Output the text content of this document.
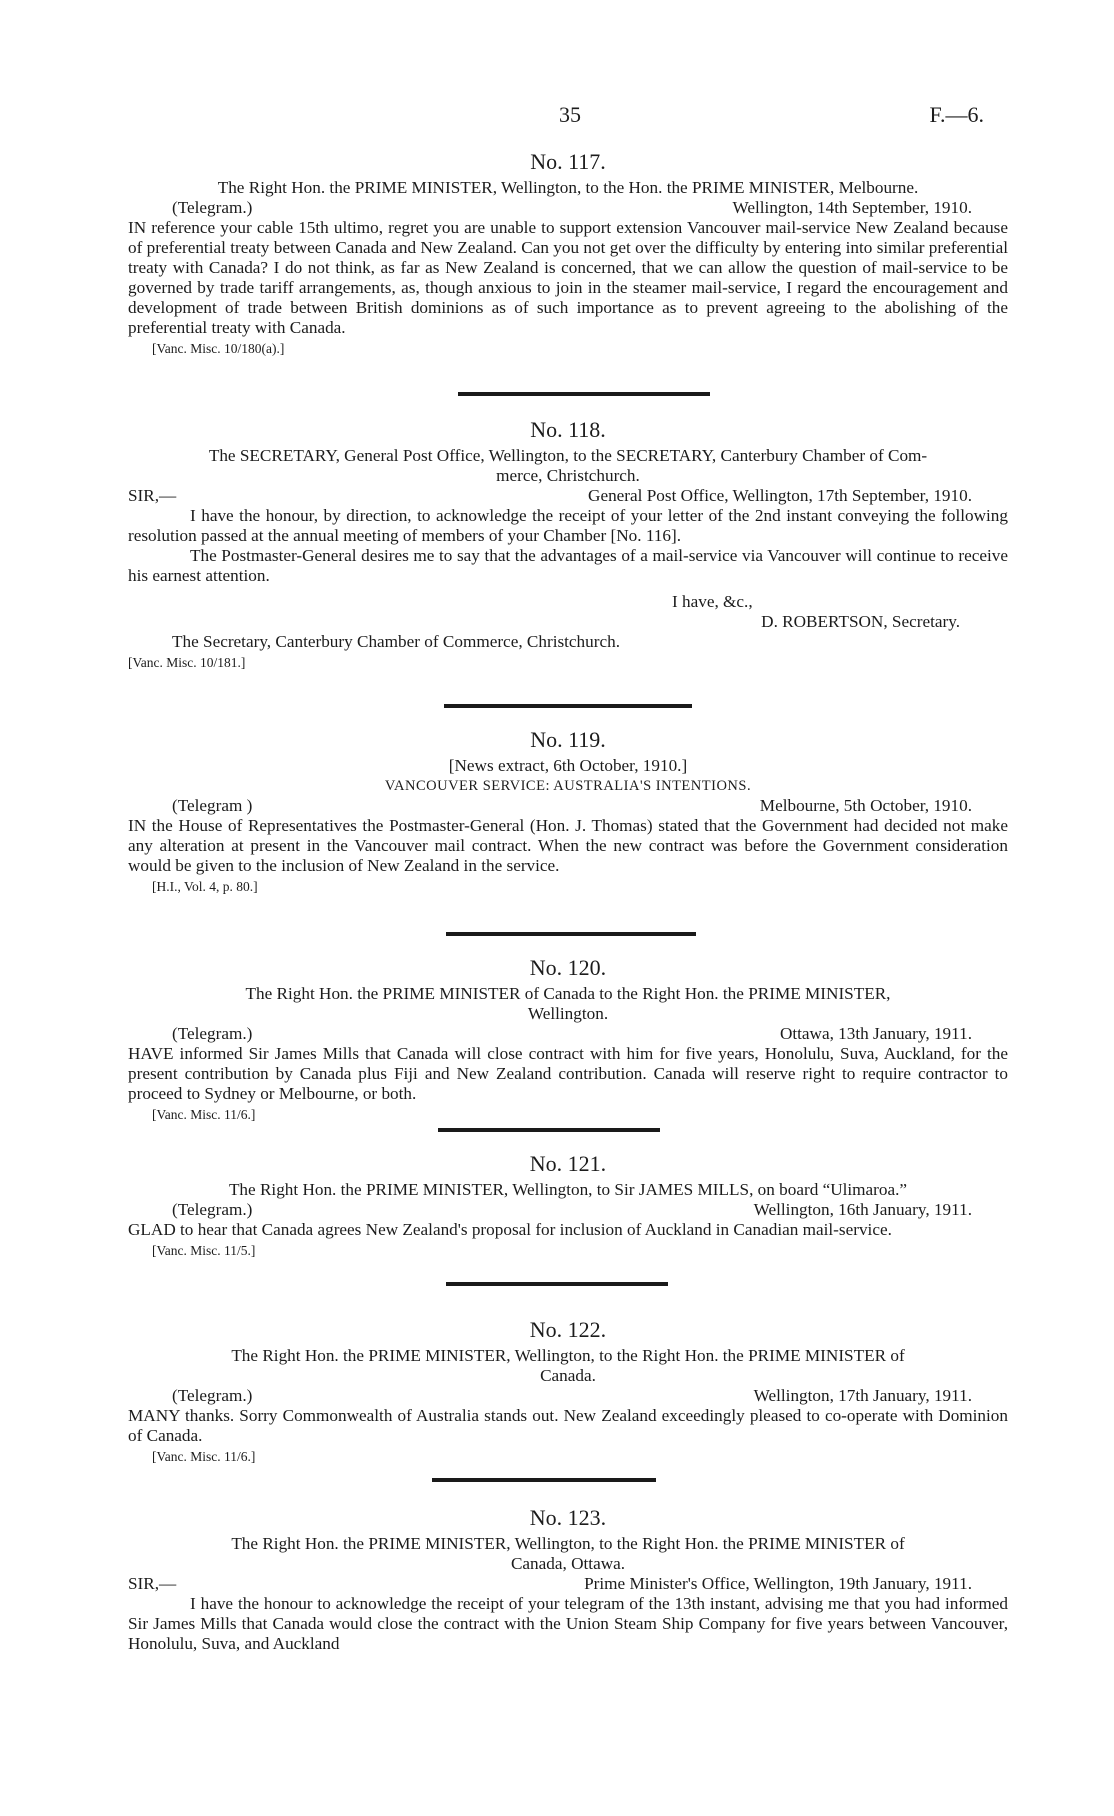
35	F.—6.
No. 117.
The Right Hon. the PRIME MINISTER, Wellington, to the Hon. the PRIME MINISTER, Melbourne.
(Telegram.)	Wellington, 14th September, 1910.

IN reference your cable 15th ultimo, regret you are unable to support extension Vancouver mail-service New Zealand because of preferential treaty between Canada and New Zealand. Can you not get over the difficulty by entering into similar preferential treaty with Canada? I do not think, as far as New Zealand is concerned, that we can allow the question of mail-service to be governed by trade tariff arrangements, as, though anxious to join in the steamer mail-service, I regard the encouragement and development of trade between British dominions as of such importance as to prevent agreeing to the abolishing of the preferential treaty with Canada.

[Vanc. Misc. 10/180(a).]
No. 118.
The SECRETARY, General Post Office, Wellington, to the SECRETARY, Canterbury Chamber of Com-
merce, Christchurch.
SIR,—	General Post Office, Wellington, 17th September, 1910.

I have the honour, by direction, to acknowledge the receipt of your letter of the 2nd instant conveying the following resolution passed at the annual meeting of members of your Chamber [No. 116].

The Postmaster-General desires me to say that the advantages of a mail-service via Vancouver will continue to receive his earnest attention.

I have, &c.,
D. ROBERTSON, Secretary.
The Secretary, Canterbury Chamber of Commerce, Christchurch.
[Vanc. Misc. 10/181.]
No. 119.
[News extract, 6th October, 1910.]
VANCOUVER SERVICE: AUSTRALIA'S INTENTIONS.
(Telegram )	Melbourne, 5th October, 1910.

IN the House of Representatives the Postmaster-General (Hon. J. Thomas) stated that the Government had decided not make any alteration at present in the Vancouver mail contract. When the new contract was before the Government consideration would be given to the inclusion of New Zealand in the service.

[H.I., Vol. 4, p. 80.]
No. 120.
The Right Hon. the PRIME MINISTER of Canada to the Right Hon. the PRIME MINISTER,
Wellington.
(Telegram.)	Ottawa, 13th January, 1911.

HAVE informed Sir James Mills that Canada will close contract with him for five years, Honolulu, Suva, Auckland, for the present contribution by Canada plus Fiji and New Zealand contribution. Canada will reserve right to require contractor to proceed to Sydney or Melbourne, or both.

[Vanc. Misc. 11/6.]
No. 121.
The Right Hon. the PRIME MINISTER, Wellington, to Sir JAMES MILLS, on board “Ulimaroa.”
(Telegram.)	Wellington, 16th January, 1911.

GLAD to hear that Canada agrees New Zealand's proposal for inclusion of Auckland in Canadian mail-service.

[Vanc. Misc. 11/5.]
No. 122.
The Right Hon. the PRIME MINISTER, Wellington, to the Right Hon. the PRIME MINISTER of
Canada.
(Telegram.)	Wellington, 17th January, 1911.

MANY thanks. Sorry Commonwealth of Australia stands out. New Zealand exceedingly pleased to co-operate with Dominion of Canada.

[Vanc. Misc. 11/6.]
No. 123.
The Right Hon. the PRIME MINISTER, Wellington, to the Right Hon. the PRIME MINISTER of
Canada, Ottawa.
SIR,—	Prime Minister's Office, Wellington, 19th January, 1911.

I have the honour to acknowledge the receipt of your telegram of the 13th instant, advising me that you had informed Sir James Mills that Canada would close the contract with the Union Steam Ship Company for five years between Vancouver, Honolulu, Suva, and Auckland
